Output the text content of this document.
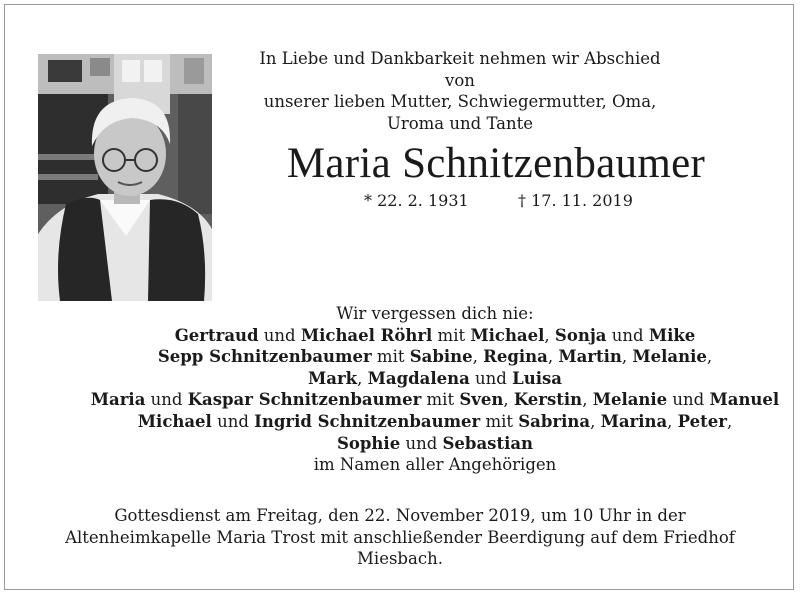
In Liebe und Dankbarkeit nehmen wir Abschied von
unserer lieben Mutter, Schwiegermutter, Oma,
Uroma und Tante
Maria Schnitzenbaumer
* 22. 2. 1931	† 17. 11. 2019
Wir vergessen dich nie:
Gertraud und Michael Röhrl mit Michael, Sonja und Mike
Sepp Schnitzenbaumer mit Sabine, Regina, Martin, Melanie,
Mark, Magdalena und Luisa
Maria und Kaspar Schnitzenbaumer mit Sven, Kerstin, Melanie und Manuel
Michael und Ingrid Schnitzenbaumer mit Sabrina, Marina, Peter,
Sophie und Sebastian
im Namen aller Angehörigen
Gottesdienst am Freitag, den 22. November 2019, um 10 Uhr in der
Altenheimkapelle Maria Trost mit anschließender Beerdigung auf dem Friedhof Miesbach.
